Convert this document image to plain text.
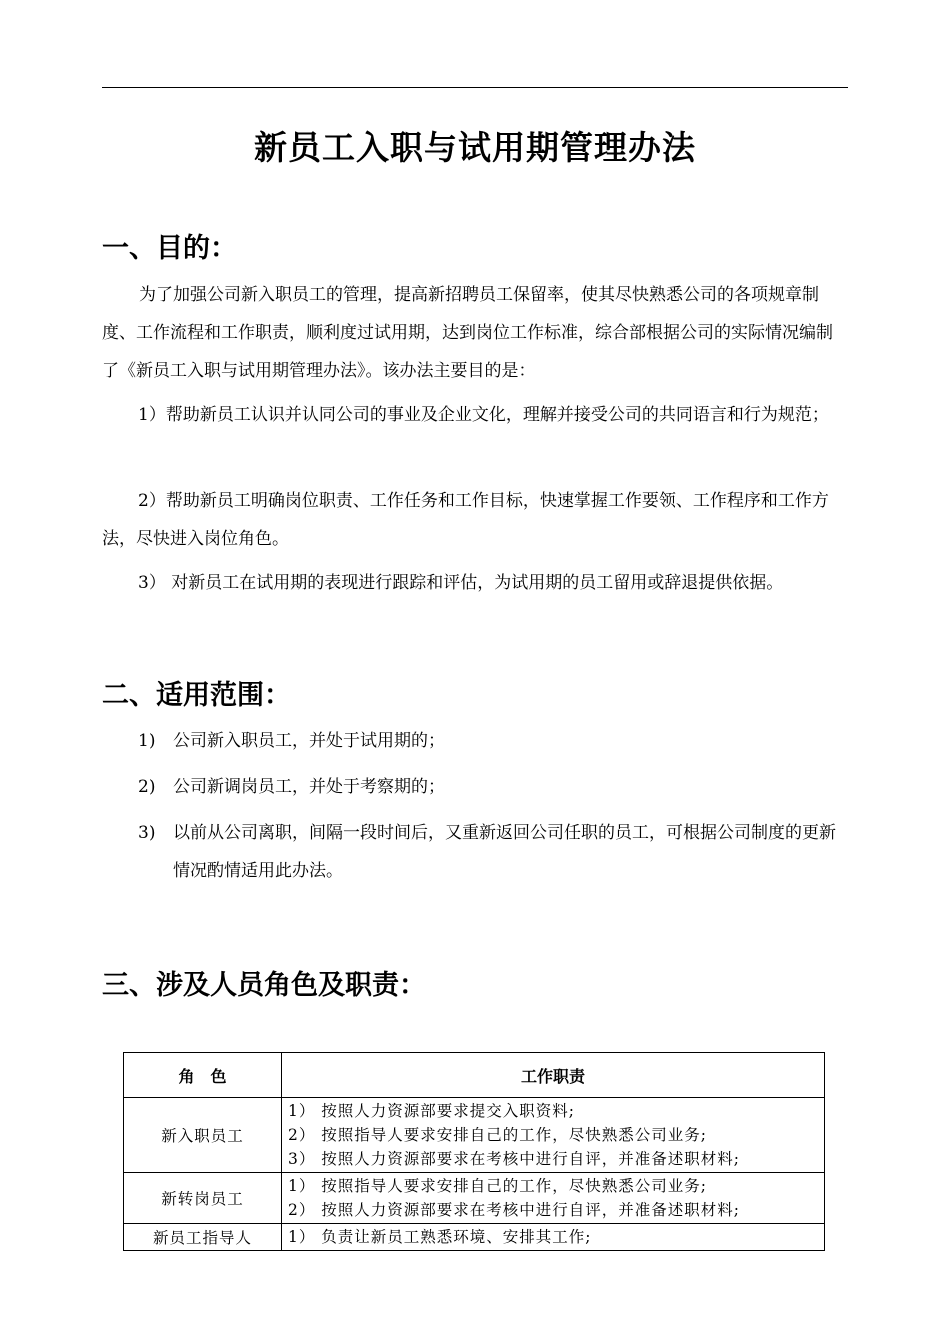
新员工入职与试用期管理办法
一、目的：

为了加强公司新入职员工的管理，提高新招聘员工保留率，使其尽快熟悉公司的各项规章制度、工作流程和工作职责，顺利度过试用期，达到岗位工作标准，综合部根据公司的实际情况编制了《新员工入职与试用期管理办法》。该办法主要目的是：

1）帮助新员工认识并认同公司的事业及企业文化，理解并接受公司的共同语言和行为规范；

2）帮助新员工明确岗位职责、工作任务和工作目标，快速掌握工作要领、工作程序和工作方法，尽快进入岗位角色。

3） 对新员工在试用期的表现进行跟踪和评估，为试用期的员工留用或辞退提供依据。

二、适用范围：
1) 公司新入职员工，并处于试用期的；
2) 公司新调岗员工，并处于考察期的；
3) 以前从公司离职，间隔一段时间后，又重新返回公司任职的员工，可根据公司制度的更新情况酌情适用此办法。
三、涉及人员角色及职责：
角　色	工作职责
新入职员工	1） 按照人力资源部要求提交入职资料;
2） 按照指导人要求安排自己的工作，尽快熟悉公司业务;
3） 按照人力资源部要求在考核中进行自评，并准备述职材料;

新转岗员工	1） 按照指导人要求安排自己的工作，尽快熟悉公司业务;
2） 按照人力资源部要求在考核中进行自评，并准备述职材料;

新员工指导人	1） 负责让新员工熟悉环境、安排其工作;
